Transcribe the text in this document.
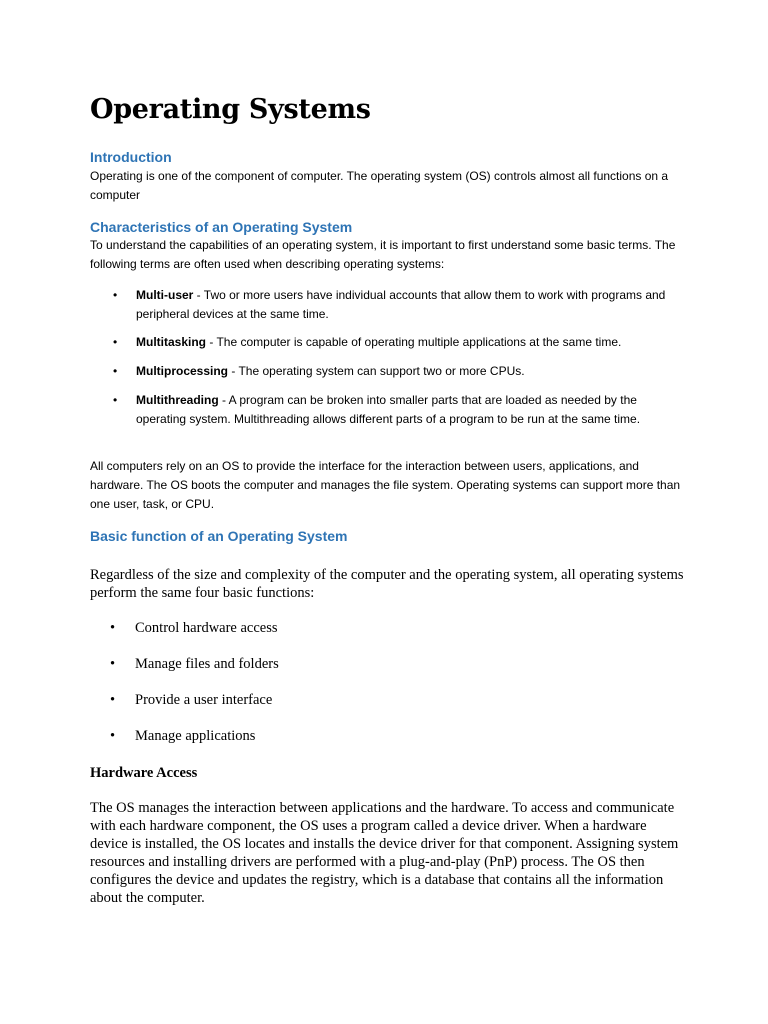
Operating Systems
Introduction

Operating is one of the component of computer. The operating system (OS) controls almost all functions on a computer

Characteristics of an Operating System

To understand the capabilities of an operating system, it is important to first understand some basic terms. The following terms are often used when describing operating systems:

• Multi-user - Two or more users have individual accounts that allow them to work with programs and peripheral devices at the same time.
• Multitasking - The computer is capable of operating multiple applications at the same time.
• Multiprocessing - The operating system can support two or more CPUs.
• Multithreading - A program can be broken into smaller parts that are loaded as needed by the operating system. Multithreading allows different parts of a program to be run at the same time.

All computers rely on an OS to provide the interface for the interaction between users, applications, and hardware. The OS boots the computer and manages the file system. Operating systems can support more than one user, task, or CPU.

Basic function of an Operating System

Regardless of the size and complexity of the computer and the operating system, all operating systems perform the same four basic functions:

• Control hardware access
• Manage files and folders
• Provide a user interface
• Manage applications
Hardware Access

The OS manages the interaction between applications and the hardware. To access and communicate with each hardware component, the OS uses a program called a device driver. When a hardware device is installed, the OS locates and installs the device driver for that component. Assigning system resources and installing drivers are performed with a plug-and-play (PnP) process. The OS then configures the device and updates the registry, which is a database that contains all the information about the computer.
